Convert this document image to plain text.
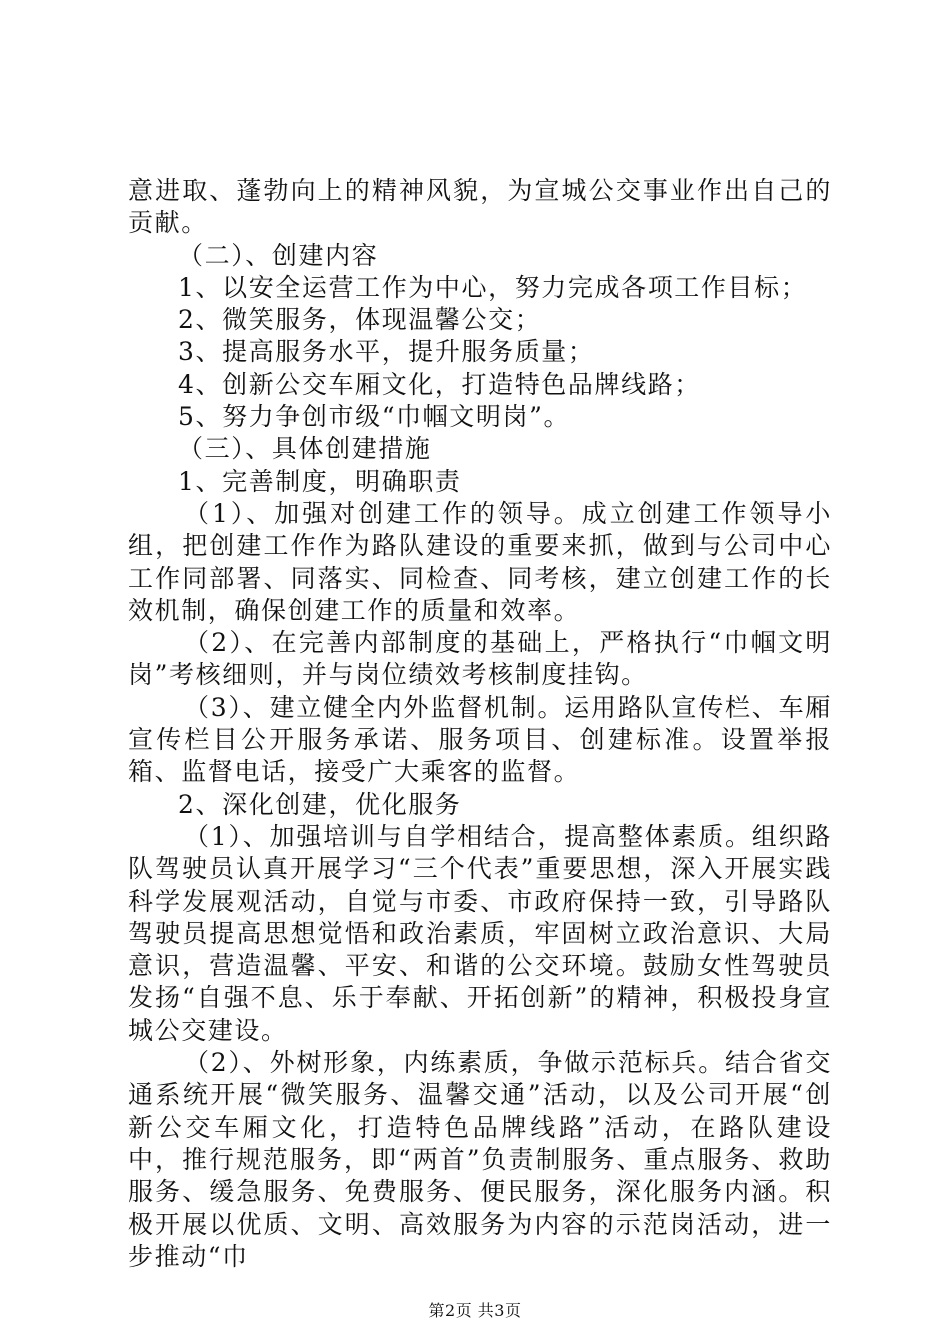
意进取、蓬勃向上的精神风貌，为宣城公交事业作出自己的贡献。

（二）、创建内容

1、以安全运营工作为中心，努力完成各项工作目标；

2、微笑服务，体现温馨公交；

3、提高服务水平，提升服务质量；

4、创新公交车厢文化，打造特色品牌线路；

5、努力争创市级“巾帼文明岗”。

（三）、具体创建措施

1、完善制度，明确职责

（1）、加强对创建工作的领导。成立创建工作领导小组，把创建工作作为路队建设的重要来抓，做到与公司中心工作同部署、同落实、同检查、同考核，建立创建工作的长效机制，确保创建工作的质量和效率。

（2）、在完善内部制度的基础上，严格执行“巾帼文明岗”考核细则，并与岗位绩效考核制度挂钩。

（3）、建立健全内外监督机制。运用路队宣传栏、车厢宣传栏目公开服务承诺、服务项目、创建标准。设置举报箱、监督电话，接受广大乘客的监督。

2、深化创建，优化服务

（1）、加强培训与自学相结合，提高整体素质。组织路队驾驶员认真开展学习“三个代表”重要思想，深入开展实践科学发展观活动，自觉与市委、市政府保持一致，引导路队驾驶员提高思想觉悟和政治素质，牢固树立政治意识、大局意识，营造温馨、平安、和谐的公交环境。鼓励女性驾驶员发扬“自强不息、乐于奉献、开拓创新”的精神，积极投身宣城公交建设。

（2）、外树形象，内练素质，争做示范标兵。结合省交通系统开展“微笑服务、温馨交通”活动，以及公司开展“创新公交车厢文化，打造特色品牌线路”活动，在路队建设中，推行规范服务，即“两首”负责制服务、重点服务、救助服务、缓急服务、免费服务、便民服务，深化服务内涵。积极开展以优质、文明、高效服务为内容的示范岗活动，进一步推动“巾

第2页 共3页
